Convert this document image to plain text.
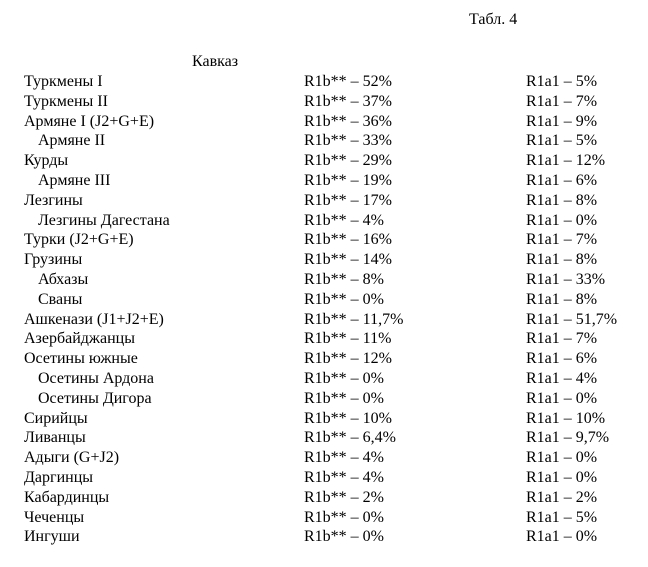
Табл. 4
Кавказ
Туркмены I	R1b** – 52%	R1a1 – 5%
Туркмены II	R1b** – 37%	R1a1 – 7%
Армяне I (J2+G+E)	R1b** – 36%	R1a1 – 9%
Армяне II	R1b** – 33%	R1a1 – 5%
Курды	R1b** – 29%	R1a1 – 12%
Армяне III	R1b** – 19%	R1a1 – 6%
Лезгины	R1b** – 17%	R1a1 – 8%
Лезгины Дагестана	R1b** – 4%	R1a1 – 0%
Турки (J2+G+E)	R1b** – 16%	R1a1 – 7%
Грузины	R1b** – 14%	R1a1 – 8%
Абхазы	R1b** – 8%	R1a1 – 33%
Сваны	R1b** – 0%	R1a1 – 8%
Ашкенази (J1+J2+E)	R1b** – 11,7%	R1a1 – 51,7%
Азербайджанцы	R1b** – 11%	R1a1 – 7%
Осетины южные	R1b** – 12%	R1a1 – 6%
Осетины Ардона	R1b** – 0%	R1a1 – 4%
Осетины Дигора	R1b** – 0%	R1a1 – 0%
Сирийцы	R1b** – 10%	R1a1 – 10%
Ливанцы	R1b** – 6,4%	R1a1 – 9,7%
Адыги (G+J2)	R1b** – 4%	R1a1 – 0%
Даргинцы	R1b** – 4%	R1a1 – 0%
Кабардинцы	R1b** – 2%	R1a1 – 2%
Чеченцы	R1b** – 0%	R1a1 – 5%
Ингуши	R1b** – 0%	R1a1 – 0%
